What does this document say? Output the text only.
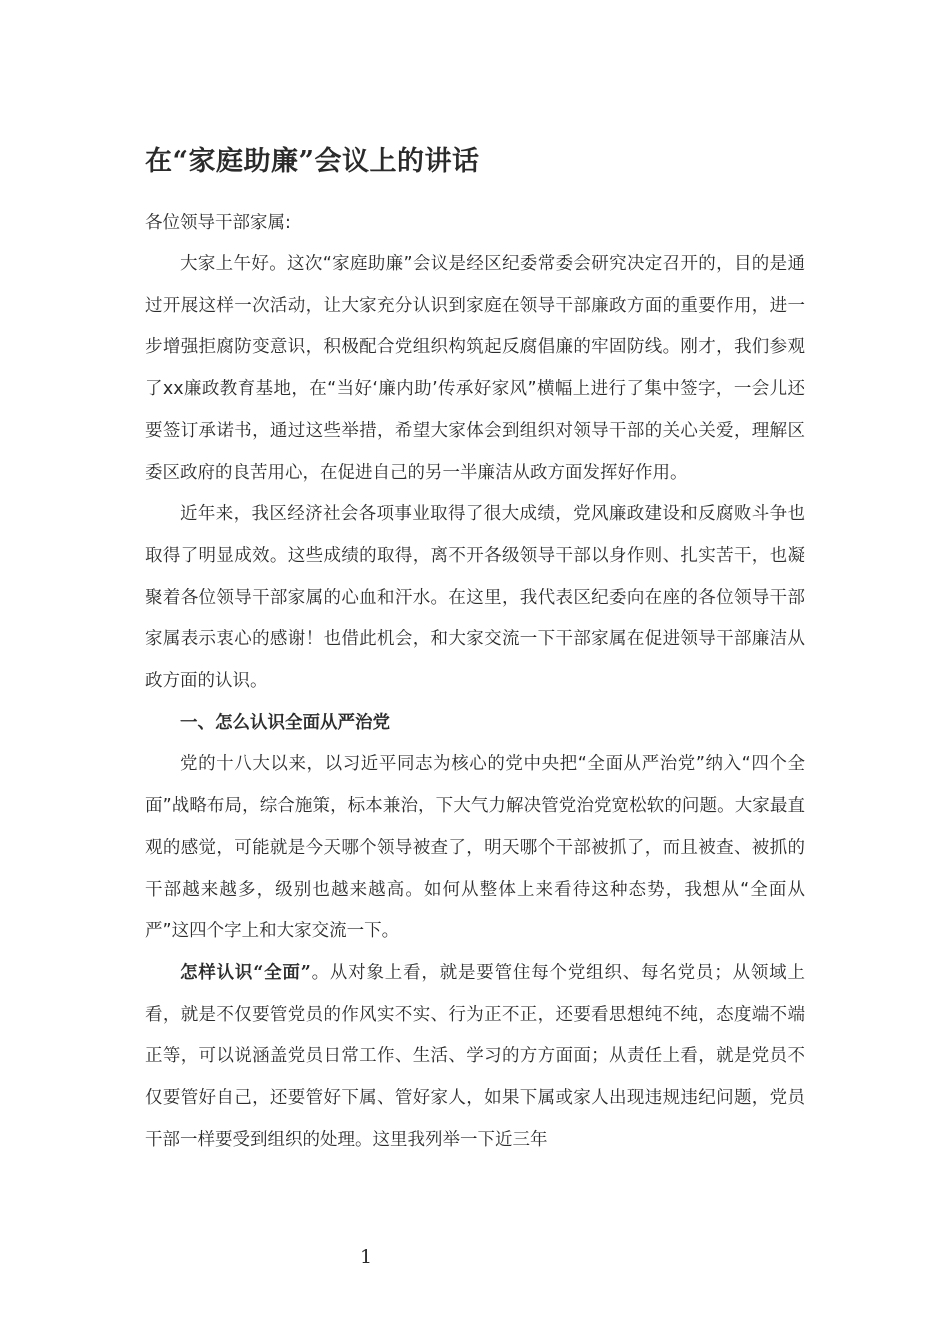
在“家庭助廉”会议上的讲话

各位领导干部家属:

大家上午好。这次“家庭助廉”会议是经区纪委常委会研究决定召开的，目的是通过开展这样一次活动，让大家充分认识到家庭在领导干部廉政方面的重要作用，进一步增强拒腐防变意识，积极配合党组织构筑起反腐倡廉的牢固防线。刚才，我们参观了xx廉政教育基地，在“当好‘廉内助’传承好家风”横幅上进行了集中签字，一会儿还要签订承诺书，通过这些举措，希望大家体会到组织对领导干部的关心关爱，理解区委区政府的良苦用心，在促进自己的另一半廉洁从政方面发挥好作用。

近年来，我区经济社会各项事业取得了很大成绩，党风廉政建设和反腐败斗争也取得了明显成效。这些成绩的取得，离不开各级领导干部以身作则、扎实苦干，也凝聚着各位领导干部家属的心血和汗水。在这里，我代表区纪委向在座的各位领导干部家属表示衷心的感谢！也借此机会，和大家交流一下干部家属在促进领导干部廉洁从政方面的认识。

一、怎么认识全面从严治党

党的十八大以来，以习近平同志为核心的党中央把“全面从严治党”纳入“四个全面”战略布局，综合施策，标本兼治，下大气力解决管党治党宽松软的问题。大家最直观的感觉，可能就是今天哪个领导被查了，明天哪个干部被抓了，而且被查、被抓的干部越来越多，级别也越来越高。如何从整体上来看待这种态势，我想从“全面从严”这四个字上和大家交流一下。

怎样认识“全面”。从对象上看，就是要管住每个党组织、每名党员；从领域上看，就是不仅要管党员的作风实不实、行为正不正，还要看思想纯不纯，态度端不端正等，可以说涵盖党员日常工作、生活、学习的方方面面；从责任上看，就是党员不仅要管好自己，还要管好下属、管好家人，如果下属或家人出现违规违纪问题，党员干部一样要受到组织的处理。这里我列举一下近三年

1
